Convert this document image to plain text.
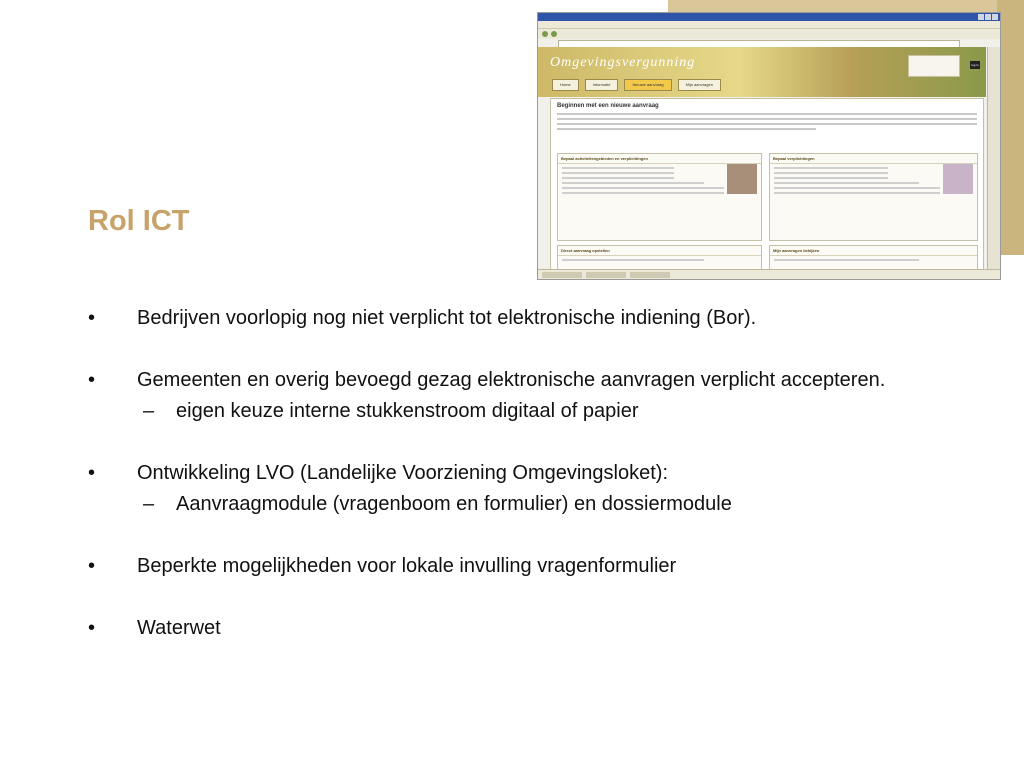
Omgevingsvergunning	log in
Home	Informatie	Nieuwe aanvraag	Mijn aanvragen
Beginnen met een nieuwe aanvraag
Bepaal activiteitengebieden en verplichtingen	Bepaal verplichtingen
Direct aanvraag opstellen	Mijn aanvragen bekijken
Rol ICT
• Bedrijven voorlopig nog niet verplicht tot elektronische indiening (Bor).
• Gemeenten en overig bevoegd gezag elektronische aanvragen verplicht accepteren.
– eigen keuze interne stukkenstroom digitaal of papier
• Ontwikkeling LVO (Landelijke Voorziening Omgevingsloket):
– Aanvraagmodule (vragenboom en formulier) en dossiermodule
• Beperkte mogelijkheden voor lokale invulling vragenformulier
• Waterwet
